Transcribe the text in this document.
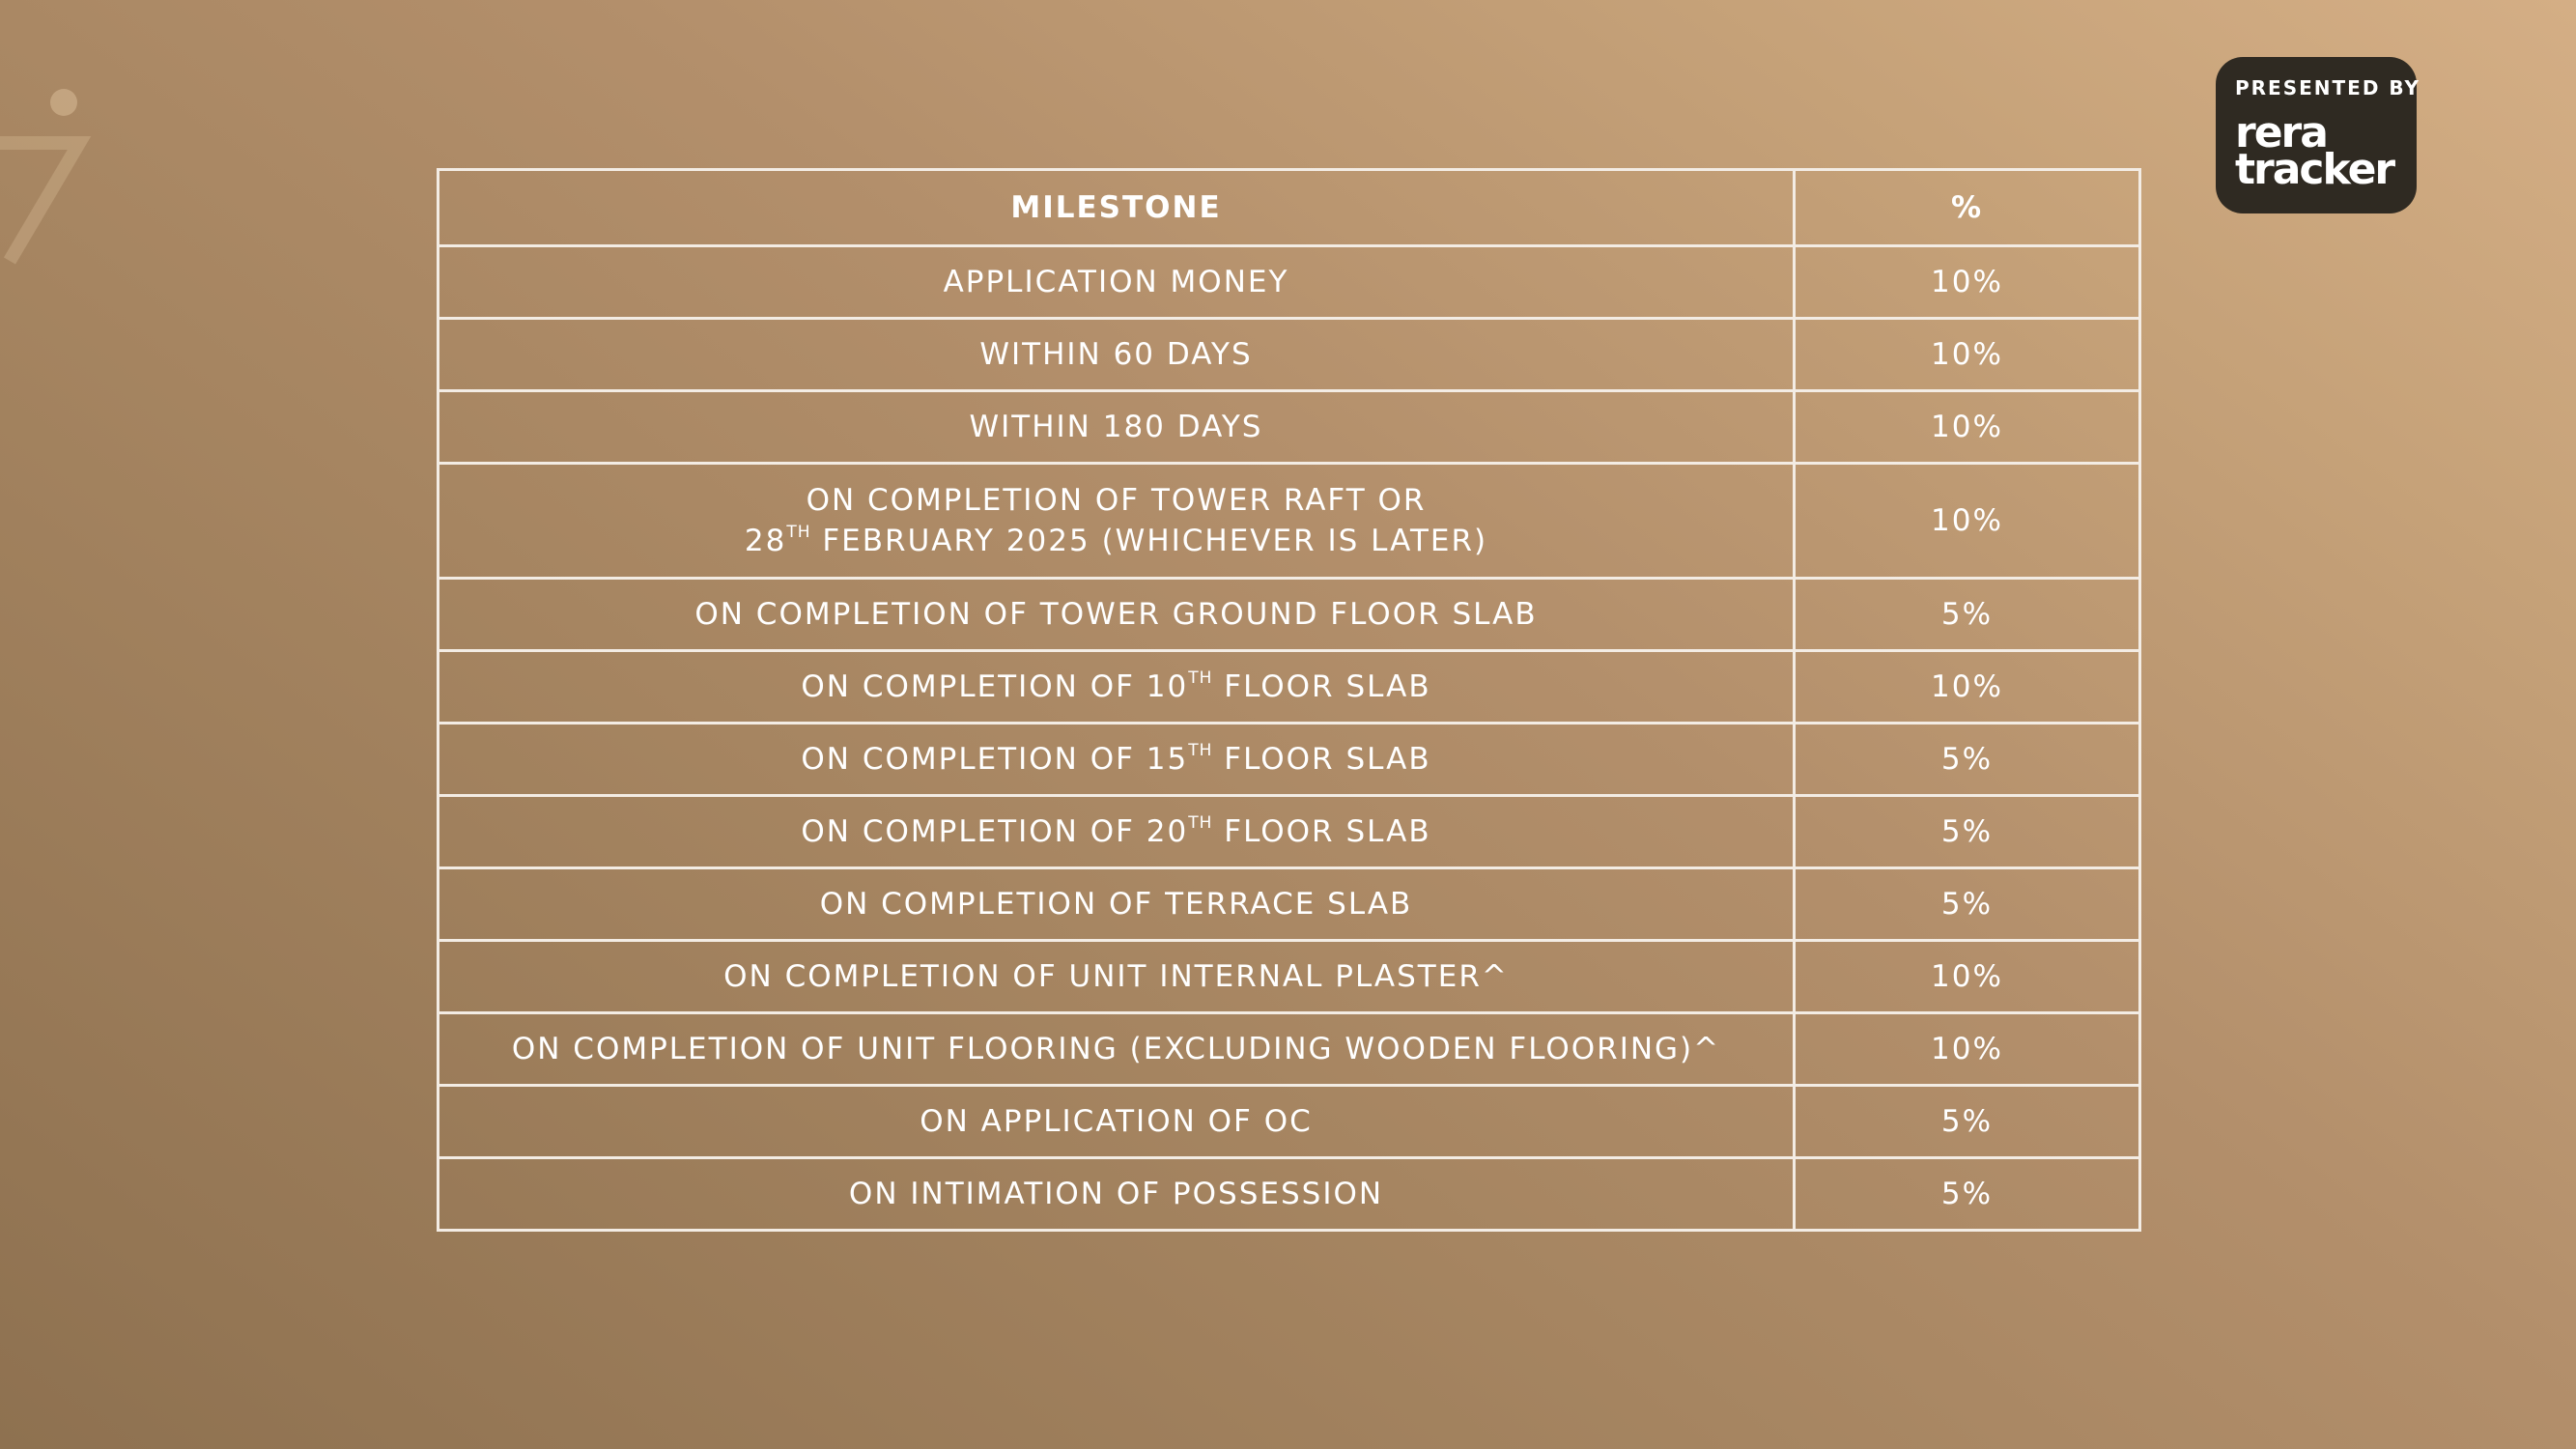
PRESENTED BY
rera
tracker
MILESTONE	%
APPLICATION MONEY	10%
WITHIN 60 DAYS	10%
WITHIN 180 DAYS	10%
ON COMPLETION OF TOWER RAFT OR
28TH FEBRUARY 2025 (WHICHEVER IS LATER)	10%
ON COMPLETION OF TOWER GROUND FLOOR SLAB	5%
ON COMPLETION OF 10TH FLOOR SLAB	10%
ON COMPLETION OF 15TH FLOOR SLAB	5%
ON COMPLETION OF 20TH FLOOR SLAB	5%
ON COMPLETION OF TERRACE SLAB	5%
ON COMPLETION OF UNIT INTERNAL PLASTER^	10%
ON COMPLETION OF UNIT FLOORING (EXCLUDING WOODEN FLOORING)^	10%
ON APPLICATION OF OC	5%
ON INTIMATION OF POSSESSION	5%
